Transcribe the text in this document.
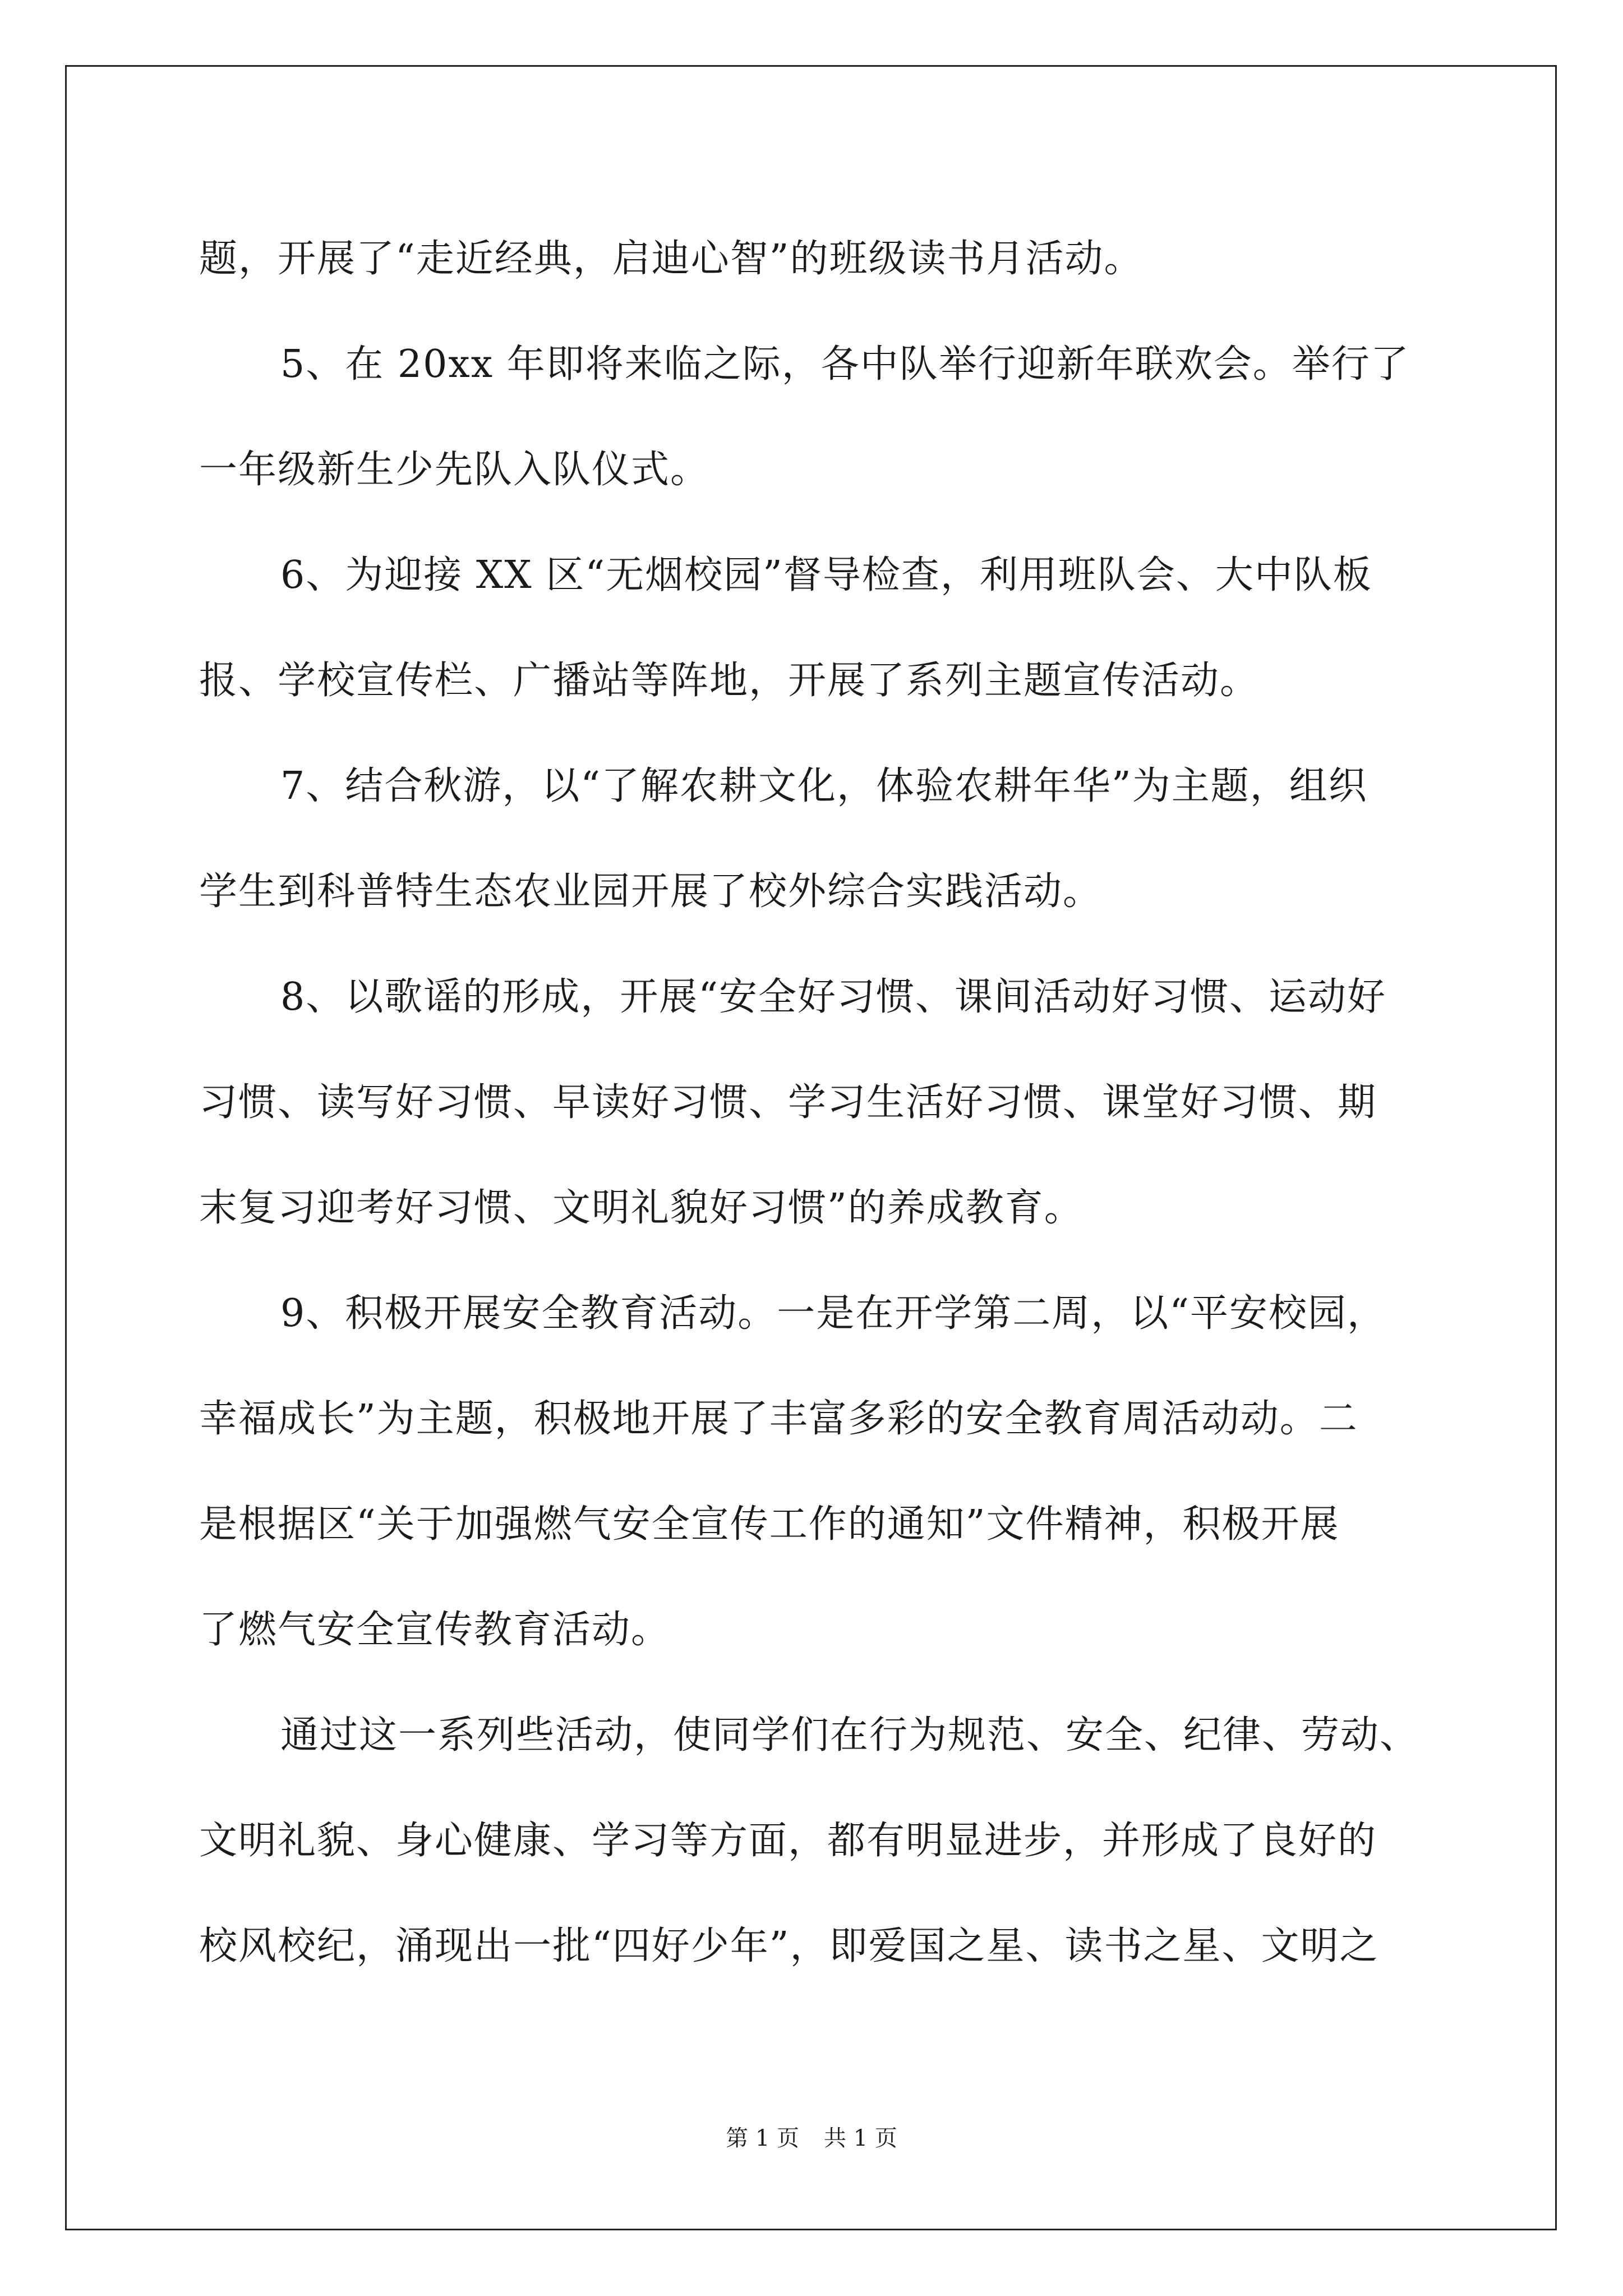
题，开展了“走近经典，启迪心智”的班级读书月活动。
5、在 20xx 年即将来临之际，各中队举行迎新年联欢会。举行了
一年级新生少先队入队仪式。
6、为迎接 XX 区“无烟校园”督导检查，利用班队会、大中队板
报、学校宣传栏、广播站等阵地，开展了系列主题宣传活动。
7、结合秋游，以“了解农耕文化，体验农耕年华”为主题，组织
学生到科普特生态农业园开展了校外综合实践活动。
8、以歌谣的形成，开展“安全好习惯、课间活动好习惯、运动好
习惯、读写好习惯、早读好习惯、学习生活好习惯、课堂好习惯、期
末复习迎考好习惯、文明礼貌好习惯”的养成教育。
9、积极开展安全教育活动。一是在开学第二周，以“平安校园，
幸福成长”为主题，积极地开展了丰富多彩的安全教育周活动动。二
是根据区“关于加强燃气安全宣传工作的通知”文件精神，积极开展
了燃气安全宣传教育活动。
通过这一系列些活动，使同学们在行为规范、安全、纪律、劳动、
文明礼貌、身心健康、学习等方面，都有明显进步，并形成了良好的
校风校纪，涌现出一批“四好少年”，即爱国之星、读书之星、文明之
第 1 页 共 1 页
